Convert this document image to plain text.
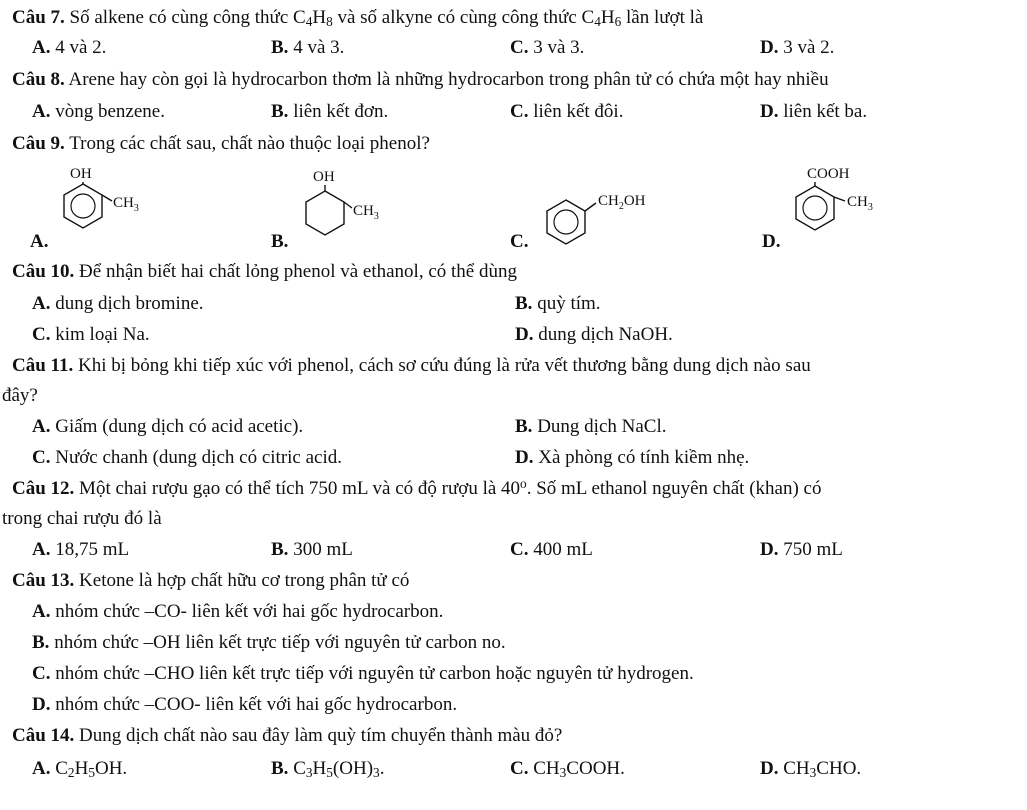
Câu 7. Số alkene có cùng công thức $C_4H_8$ và số alkyne có cùng công thức $C_4H_6$ lần lượt là
A. 4 và 2.	B. 4 và 3.	C. 3 và 3.	D. 3 và 2.
Câu 8. Arene hay còn gọi là hydrocarbon thơm là những hydrocarbon trong phân tử có chứa một hay nhiều
A. vòng benzene.	B. liên kết đơn.	C. liên kết đôi.	D. liên kết ba.
Câu 9. Trong các chất sau, chất nào thuộc loại phenol?
A.
OH
$CH_3$
B.
OH
$CH_3$
C.
$CH_2OH$
D.
COOH
$CH_3$
Câu 10. Để nhận biết hai chất lỏng phenol và ethanol, có thể dùng
A. dung dịch bromine.	B. quỳ tím.
C. kim loại Na.	D. dung dịch NaOH.
Câu 11. Khi bị bỏng khi tiếp xúc với phenol, cách sơ cứu đúng là rửa vết thương bằng dung dịch nào sau
đây?
A. Giấm (dung dịch có acid acetic).	B. Dung dịch NaCl.
C. Nước chanh (dung dịch có citric acid.	D. Xà phòng có tính kiềm nhẹ.
Câu 12. Một chai rượu gạo có thể tích 750 mL và có độ rượu là 40$^o$. Số mL ethanol nguyên chất (khan) có
trong chai rượu đó là
A. 18,75 mL	B. 300 mL	C. 400 mL	D. 750 mL
Câu 13. Ketone là hợp chất hữu cơ trong phân tử có
A. nhóm chức –CO- liên kết với hai gốc hydrocarbon.
B. nhóm chức –OH liên kết trực tiếp với nguyên tử carbon no.
C. nhóm chức –CHO liên kết trực tiếp với nguyên tử carbon hoặc nguyên tử hydrogen.
D. nhóm chức –COO- liên kết với hai gốc hydrocarbon.
Câu 14. Dung dịch chất nào sau đây làm quỳ tím chuyển thành màu đỏ?
A. $C_2H_5OH$.	B. $C_3H_5(OH)_3$.	C. $CH_3COOH$.	D. $CH_3CHO$.
